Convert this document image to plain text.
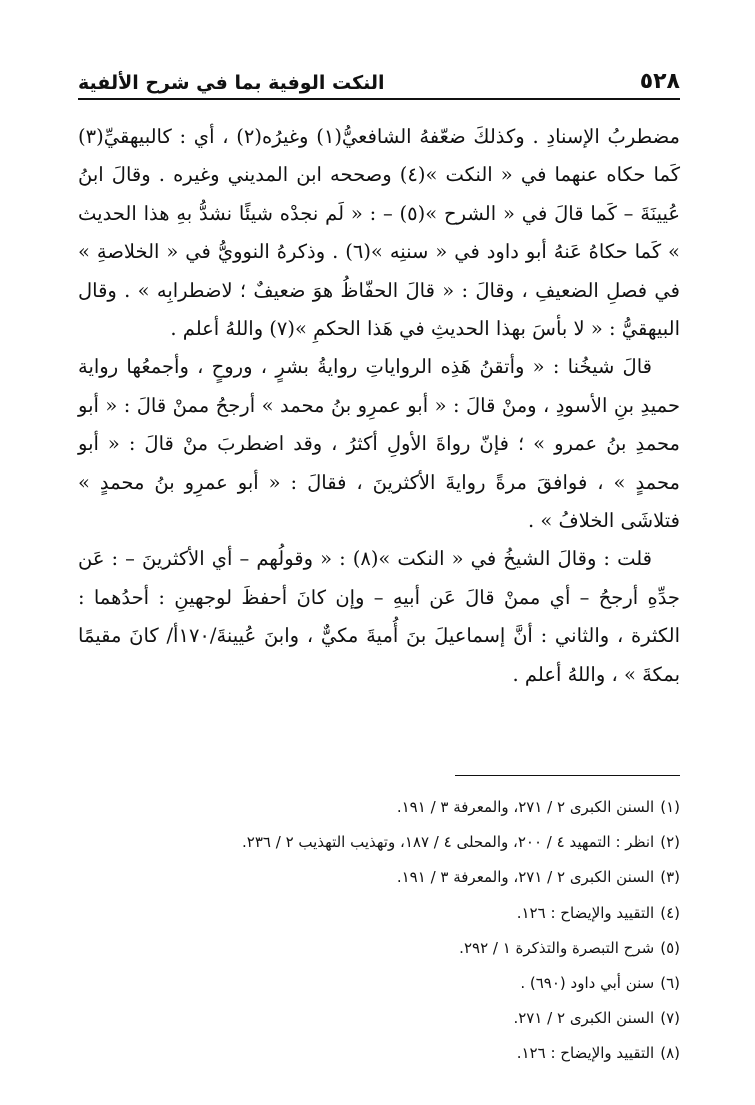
٥٢٨
النكت الوفية بما في شرح الألفية

مضطربُ الإسنادِ . وكذلكَ ضعّفهُ الشافعيُّ(١) وغيرُه(٢) ، أي : كالبيهقيِّ(٣) كَما حكاه عنهما في « النكت »(٤) وصححه ابن المديني وغيره . وقالَ ابنُ عُيينَةَ – كَما قالَ في « الشرح »(٥) – : « لَم نجدْه شيئًا نشدُّ بهِ هذا الحديث » كَما حكاهُ عَنهُ أبو داود في « سننِه »(٦) . وذكرهُ النوويُّ في « الخلاصةِ » في فصلِ الضعيفِ ، وقالَ : « قالَ الحفّاظُ هوَ ضعيفٌ ؛ لاضطرابِه » . وقال البيهقيُّ : « لا بأسَ بهذا الحديثِ في هَذا الحكمِ »(٧) واللهُ أعلم .

قالَ شيخُنا : « وأتقنُ هَذِه الرواياتِ روايةُ بشرٍ ، وروحٍ ، وأجمعُها رواية حميدِ بنِ الأسودِ ، ومنْ قالَ : « أبو عمرِو بنُ محمد » أرجحُ ممنْ قالَ : « أبو محمدِ بنُ عمرو » ؛ فإنّ رواةَ الأولِ أكثرُ ، وقد اضطربَ منْ قالَ : « أبو محمدٍ » ، فوافقَ مرةً روايةَ الأكثرينَ ، فقالَ : « أبو عمرِو بنُ محمدٍ » فتلاشَى الخلافُ » .

قلت : وقالَ الشيخُ في « النكت »(٨) : « وقولُهم – أي الأكثرينَ – : عَن جدِّهِ أرجحُ – أي ممنْ قالَ عَن أبيهِ – وإن كانَ أحفظَ لوجهينِ : أحدُهما : الكثرة ، والثاني : أنَّ إسماعيلَ بنَ أُميةَ مكيٌّ ، وابنَ عُيينةَ/١٧٠أ/ كانَ مقيمًا بمكةَ » ، واللهُ أعلم .

(١)السنن الكبرى ٢ / ٢٧١، والمعرفة ٣ / ١٩١.
(٢)انظر : التمهيد ٤ / ٢٠٠، والمحلى ٤ / ١٨٧، وتهذيب التهذيب ٢ / ٢٣٦.
(٣)السنن الكبرى ٢ / ٢٧١، والمعرفة ٣ / ١٩١.
(٤)التقييد والإيضاح : ١٢٦.
(٥)شرح التبصرة والتذكرة ١ / ٢٩٢.
(٦)سنن أبي داود (٦٩٠) .
(٧)السنن الكبرى ٢ / ٢٧١.
(٨)التقييد والإيضاح : ١٢٦.
